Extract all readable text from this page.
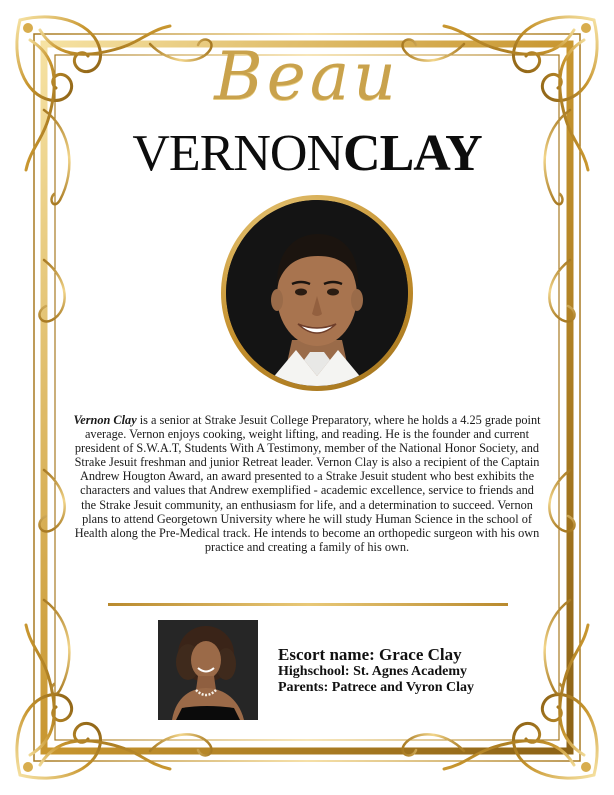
Beau
VERNONCLAY
Vernon Clay is a senior at Strake Jesuit College Preparatory, where he holds a 4.25 grade point average. Vernon enjoys cooking, weight lifting, and reading. He is the founder and current president of S.W.A.T, Students With A Testimony, member of the National Honor Society, and Strake Jesuit freshman and junior Retreat leader. Vernon Clay is also a recipient of the Captain Andrew Hougton Award, an award presented to a Strake Jesuit student who best exhibits the characters and values that Andrew exemplified - academic excellence, service to friends and the Strake Jesuit community, an enthusiasm for life, and a determination to succeed. Vernon plans to attend Georgetown University where he will study Human Science in the school of Health along the Pre-Medical track. He intends to become an orthopedic surgeon with his own practice and creating a family of his own.
Escort name: Grace Clay
Highschool: St. Agnes Academy
Parents: Patrece and Vyron Clay
